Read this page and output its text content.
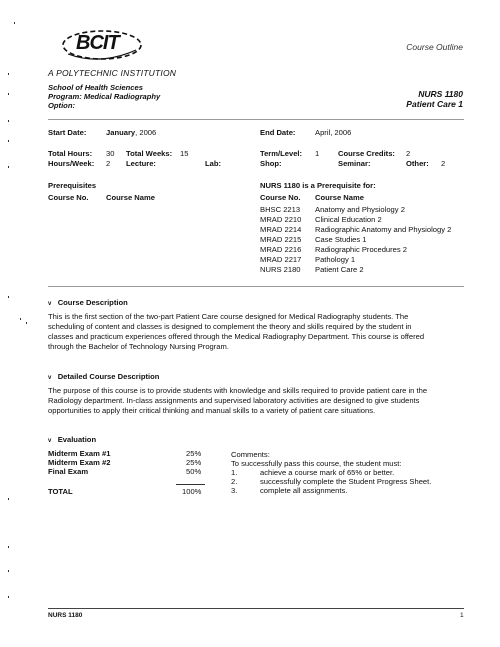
BCIT
A POLYTECHNIC INSTITUTION
Course Outline
School of Health Sciences
Program: Medical Radiography
Option:
NURS 1180
Patient Care 1
Start Date:	January, 2006	End Date:	April, 2006
Total Hours: 30 Total Weeks: 15	Term/Level: 1 Course Credits: 2
Hours/Week: 2 Lecture:	Lab:	Shop:	Seminar:	Other: 2
Prerequisites
Course No. Course Name
NURS 1180 is a Prerequisite for:
Course No. Course Name
BHSC 2213	Anatomy and Physiology 2
MRAD 2210	Clinical Education 2
MRAD 2214	Radiographic Anatomy and Physiology 2
MRAD 2215	Case Studies 1
MRAD 2216	Radiographic Procedures 2
MRAD 2217	Pathology 1
NURS 2180	Patient Care 2
v Course Description
This is the first section of the two-part Patient Care course designed for Medical Radiography students. The
scheduling of content and classes is designed to complement the theory and skills required by the student in
classes and practicum experiences offered through the Medical Radiography Department. This course is offered
through the Bachelor of Technology Nursing Program.
v Detailed Course Description
The purpose of this course is to provide students with knowledge and skills required to provide patient care in the
Radiology department. In-class assignments and supervised laboratory activities are designed to give students
opportunities to apply their critical thinking and manual skills to a variety of patient care situations.
v Evaluation
Midterm Exam #1	25%
Midterm Exam #2	25%
Final Exam	50%
TOTAL	100%
Comments:
To successfully pass this course, the student must:
1.	achieve a course mark of 65% or better.
2.	successfully complete the Student Progress Sheet.
3.	complete all assignments.
NURS 1180	1
